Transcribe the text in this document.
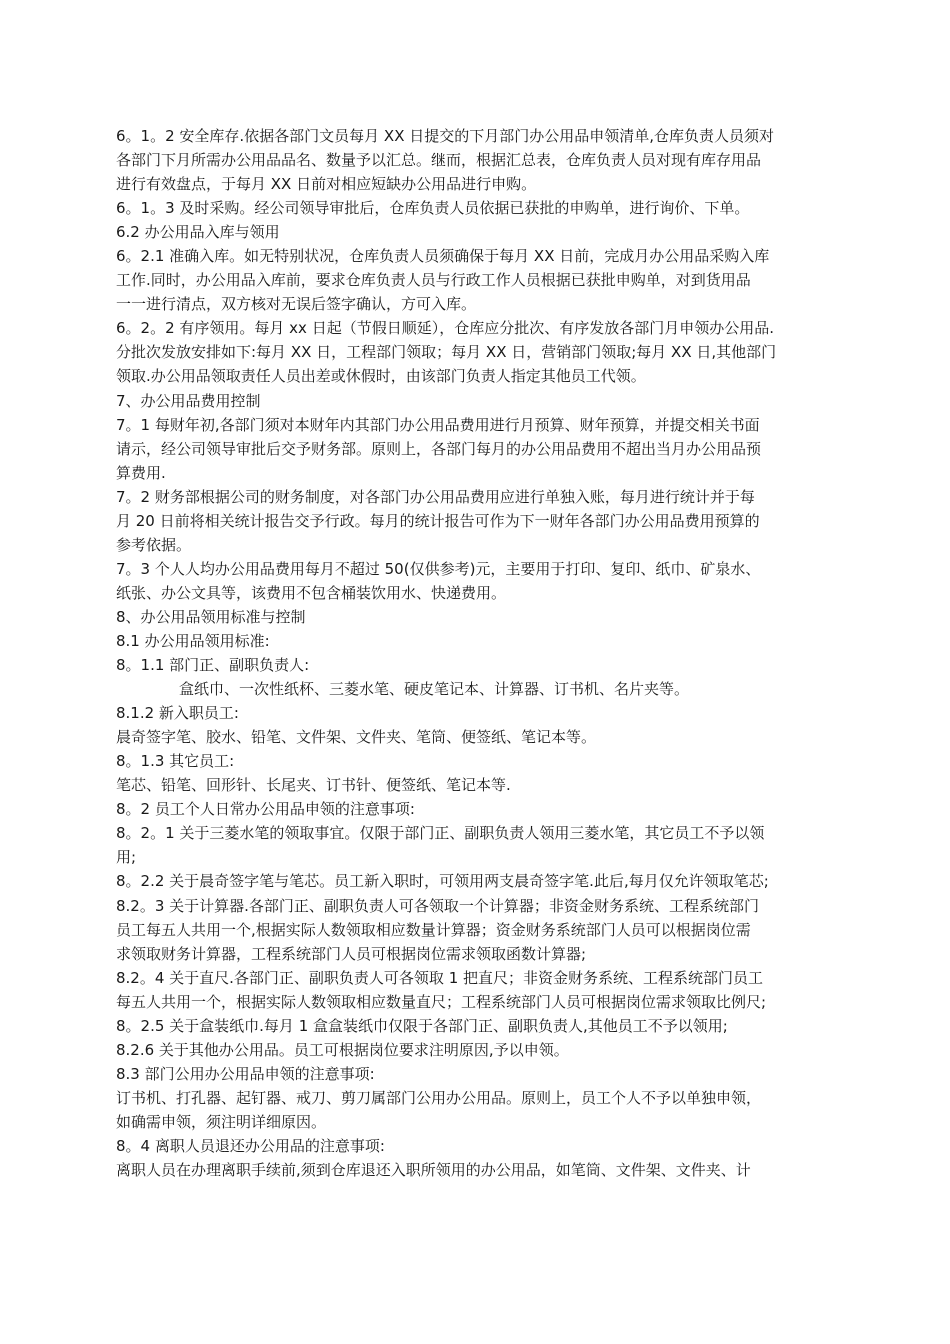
6。1。2 安全库存.依据各部门文员每月 XX 日提交的下月部门办公用品申领清单,仓库负责人员须对

各部门下月所需办公用品品名、数量予以汇总。继而，根据汇总表，仓库负责人员对现有库存用品

进行有效盘点，于每月 XX 日前对相应短缺办公用品进行申购。

6。1。3 及时采购。经公司领导审批后，仓库负责人员依据已获批的申购单，进行询价、下单。

6.2 办公用品入库与领用

6。2.1 准确入库。如无特别状况，仓库负责人员须确保于每月 XX 日前，完成月办公用品采购入库

工作.同时，办公用品入库前，要求仓库负责人员与行政工作人员根据已获批申购单，对到货用品

一一进行清点，双方核对无误后签字确认，方可入库。

6。2。2 有序领用。每月 xx 日起（节假日顺延），仓库应分批次、有序发放各部门月申领办公用品.

分批次发放安排如下:每月 XX 日，工程部门领取；每月 XX 日，营销部门领取;每月 XX 日,其他部门

领取.办公用品领取责任人员出差或休假时，由该部门负责人指定其他员工代领。

7、办公用品费用控制

7。1 每财年初,各部门须对本财年内其部门办公用品费用进行月预算、财年预算，并提交相关书面

请示，经公司领导审批后交予财务部。原则上，各部门每月的办公用品费用不超出当月办公用品预

算费用.

7。2 财务部根据公司的财务制度，对各部门办公用品费用应进行单独入账，每月进行统计并于每

月 20 日前将相关统计报告交予行政。每月的统计报告可作为下一财年各部门办公用品费用预算的

参考依据。

7。3 个人人均办公用品费用每月不超过 50(仅供参考)元，主要用于打印、复印、纸巾、矿泉水、

纸张、办公文具等，该费用不包含桶装饮用水、快递费用。

8、办公用品领用标准与控制

8.1 办公用品领用标准:

8。1.1 部门正、副职负责人:

盒纸巾、一次性纸杯、三菱水笔、硬皮笔记本、计算器、订书机、名片夹等。

8.1.2 新入职员工:

晨奇签字笔、胶水、铅笔、文件架、文件夹、笔筒、便签纸、笔记本等。

8。1.3 其它员工:

笔芯、铅笔、回形针、长尾夹、订书针、便签纸、笔记本等.

8。2 员工个人日常办公用品申领的注意事项:

8。2。1 关于三菱水笔的领取事宜。仅限于部门正、副职负责人领用三菱水笔，其它员工不予以领

用;

8。2.2 关于晨奇签字笔与笔芯。员工新入职时，可领用两支晨奇签字笔.此后,每月仅允许领取笔芯;

8.2。3 关于计算器.各部门正、副职负责人可各领取一个计算器；非资金财务系统、工程系统部门

员工每五人共用一个,根据实际人数领取相应数量计算器；资金财务系统部门人员可以根据岗位需

求领取财务计算器，工程系统部门人员可根据岗位需求领取函数计算器;

8.2。4 关于直尺.各部门正、副职负责人可各领取 1 把直尺；非资金财务系统、工程系统部门员工

每五人共用一个，根据实际人数领取相应数量直尺；工程系统部门人员可根据岗位需求领取比例尺;

8。2.5 关于盒装纸巾.每月 1 盒盒装纸巾仅限于各部门正、副职负责人,其他员工不予以领用;

8.2.6 关于其他办公用品。员工可根据岗位要求注明原因,予以申领。

8.3 部门公用办公用品申领的注意事项:

订书机、打孔器、起钉器、戒刀、剪刀属部门公用办公用品。原则上，员工个人不予以单独申领，

如确需申领，须注明详细原因。

8。4 离职人员退还办公用品的注意事项:

离职人员在办理离职手续前,须到仓库退还入职所领用的办公用品，如笔筒、文件架、文件夹、计
